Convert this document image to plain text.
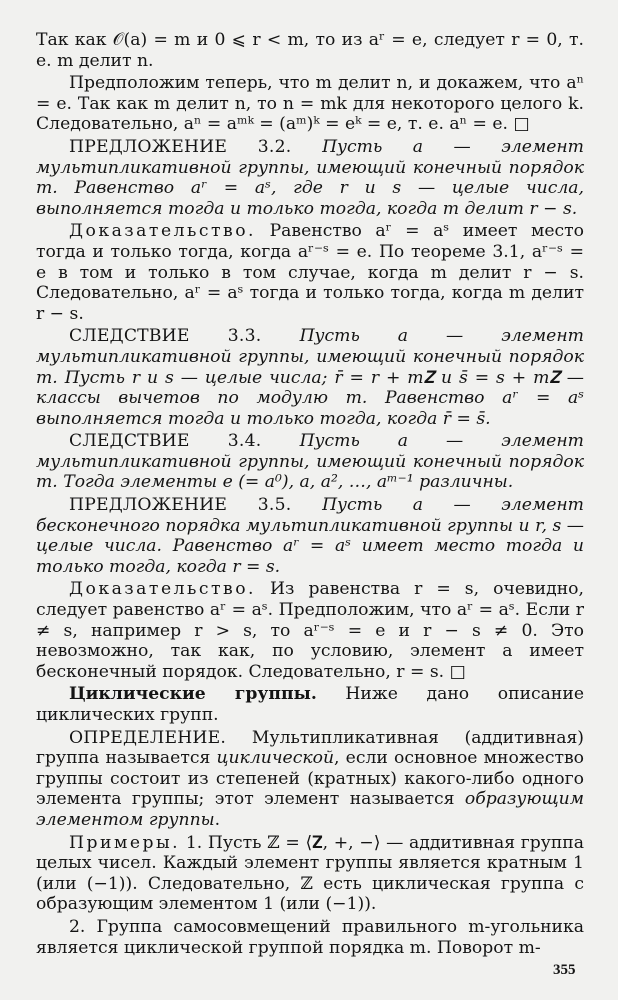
Так как 𝒪(a) = m и 0 ⩽ r < m, то из aʳ = e, следует r = 0, т. е. m делит n.
Предположим теперь, что m делит n, и докажем, что aⁿ = e. Так как m делит n, то n = mk для некоторого целого k. Следовательно, aⁿ = aᵐᵏ = (aᵐ)ᵏ = eᵏ = e, т. е. aⁿ = e. □
ПРЕДЛОЖЕНИЕ 3.2. Пусть a — элемент мультипликативной группы, имеющий конечный порядок m. Равенство aʳ = aˢ, где r и s — целые числа, выполняется тогда и только тогда, когда m делит r − s.
Доказательство. Равенство aʳ = aˢ имеет место тогда и только тогда, когда aʳ⁻ˢ = e. По теореме 3.1, aʳ⁻ˢ = e в том и только в том случае, когда m делит r − s. Следовательно, aʳ = aˢ тогда и только тогда, когда m делит r − s.
СЛЕДСТВИЕ 3.3. Пусть a — элемент мультипликативной группы, имеющий конечный порядок m. Пусть r и s — целые числа; r̄ = r + m𝐙 и s̄ = s + m𝐙 — классы вычетов по модулю m. Равенство aʳ = aˢ выполняется тогда и только тогда, когда r̄ = s̄.
СЛЕДСТВИЕ 3.4. Пусть a — элемент мультипликативной группы, имеющий конечный порядок m. Тогда элементы e (= a⁰), a, a², …, aᵐ⁻¹ различны.
ПРЕДЛОЖЕНИЕ 3.5. Пусть a — элемент бесконечного порядка мультипликативной группы и r, s — целые числа. Равенство aʳ = aˢ имеет место тогда и только тогда, когда r = s.
Доказательство. Из равенства r = s, очевидно, следует равенство aʳ = aˢ. Предположим, что aʳ = aˢ. Если r ≠ s, например r > s, то aʳ⁻ˢ = e и r − s ≠ 0. Это невозможно, так как, по условию, элемент a имеет бесконечный порядок. Следовательно, r = s. □
Циклические группы. Ниже дано описание циклических групп.
ОПРЕДЕЛЕНИЕ. Мультипликативная (аддитивная) группа называется циклической, если основное множество группы состоит из степеней (кратных) какого-либо одного элемента группы; этот элемент называется образующим элементом группы.
Примеры. 1. Пусть ℤ = ⟨𝐙, +, −⟩ — аддитивная группа целых чисел. Каждый элемент группы является кратным 1 (или (−1)). Следовательно, ℤ есть циклическая группа с образующим элементом 1 (или (−1)).
2. Группа самосовмещений правильного m-угольника является циклической группой порядка m. Поворот m-
355
